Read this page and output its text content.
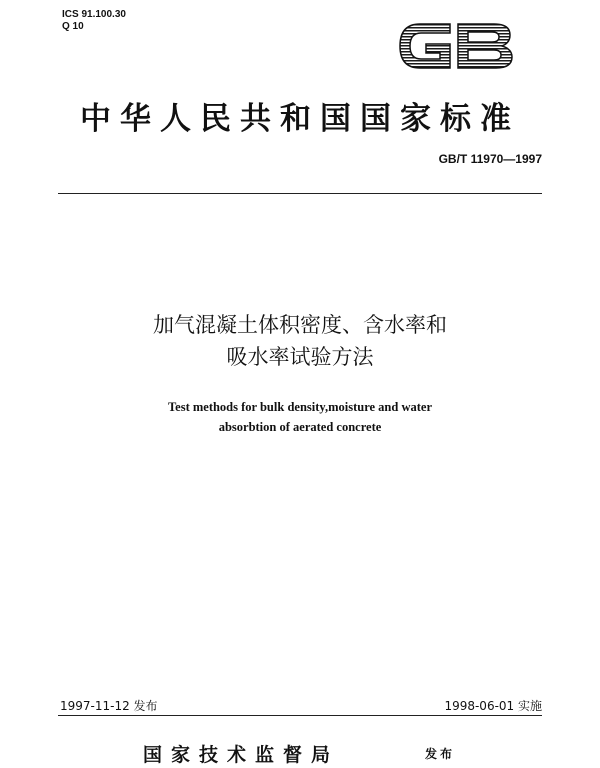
ICS 91.100.30
Q 10
中华人民共和国国家标准
GB/T 11970—1997
加气混凝土体积密度、含水率和
吸水率试验方法
Test methods for bulk density,moisture and water
absorbtion of aerated concrete
1997-11-12 发布	1998-06-01 实施
国家技术监督局	发布
